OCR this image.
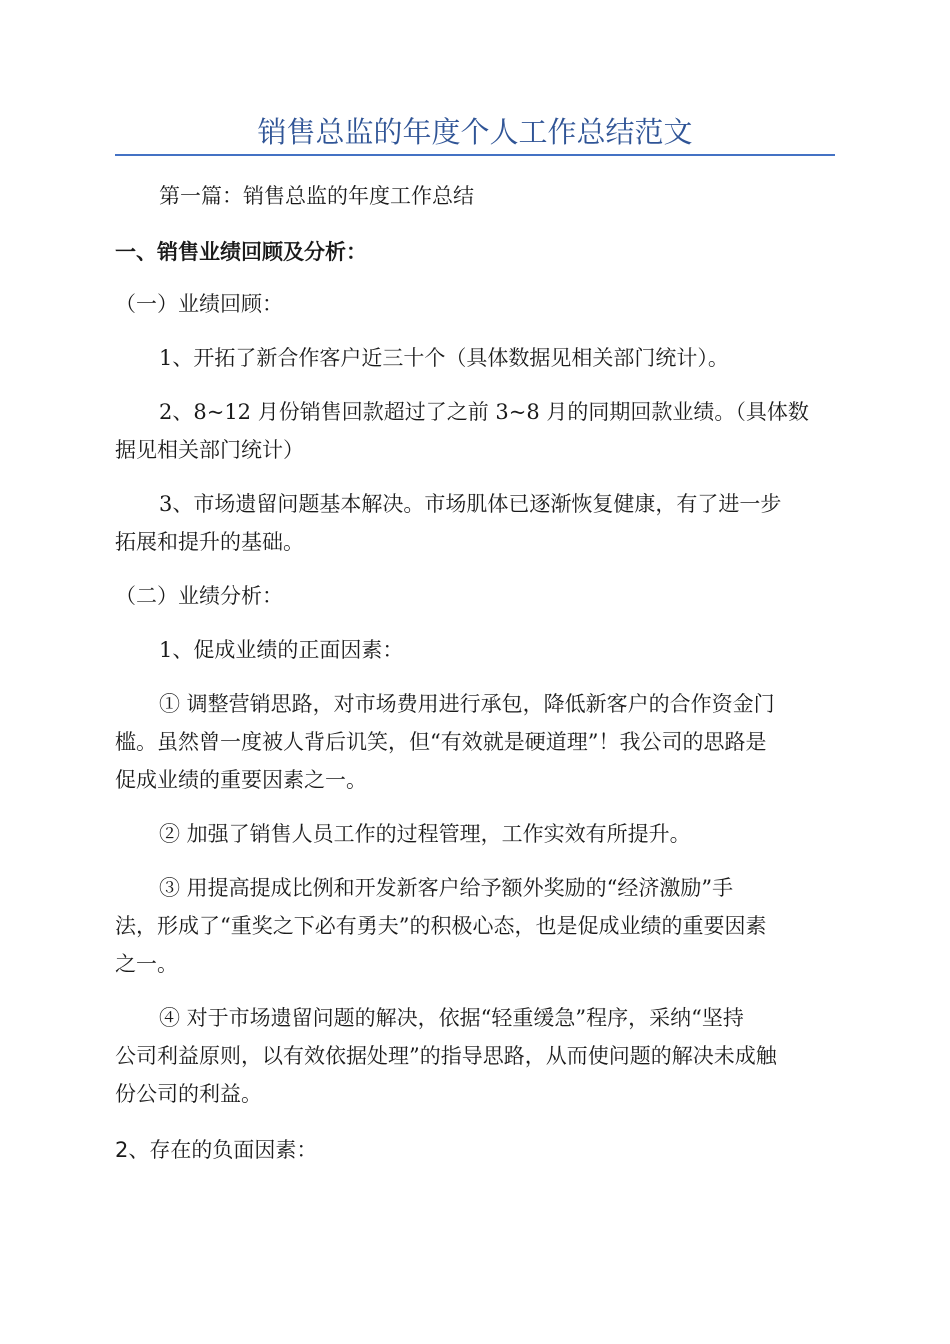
销售总监的年度个人工作总结范文

第一篇：销售总监的年度工作总结

一、销售业绩回顾及分析：

（一）业绩回顾：

1、开拓了新合作客户近三十个（具体数据见相关部门统计）。
2、8~12 月份销售回款超过了之前 3~8 月的同期回款业绩。（具体数
据见相关部门统计）
3、市场遗留问题基本解决。市场肌体已逐渐恢复健康，有了进一步
拓展和提升的基础。

（二）业绩分析：

1、促成业绩的正面因素：

① 调整营销思路，对市场费用进行承包，降低新客户的合作资金门
槛。虽然曾一度被人背后讥笑，但“有效就是硬道理”！我公司的思路是
促成业绩的重要因素之一。
② 加强了销售人员工作的过程管理，工作实效有所提升。
③ 用提高提成比例和开发新客户给予额外奖励的“经济激励”手
法，形成了“重奖之下必有勇夫”的积极心态，也是促成业绩的重要因素
之一。
④ 对于市场遗留问题的解决，依据“轻重缓急”程序，采纳“坚持
公司利益原则，以有效依据处理”的指导思路，从而使问题的解决未成触
份公司的利益。

2、存在的负面因素：
